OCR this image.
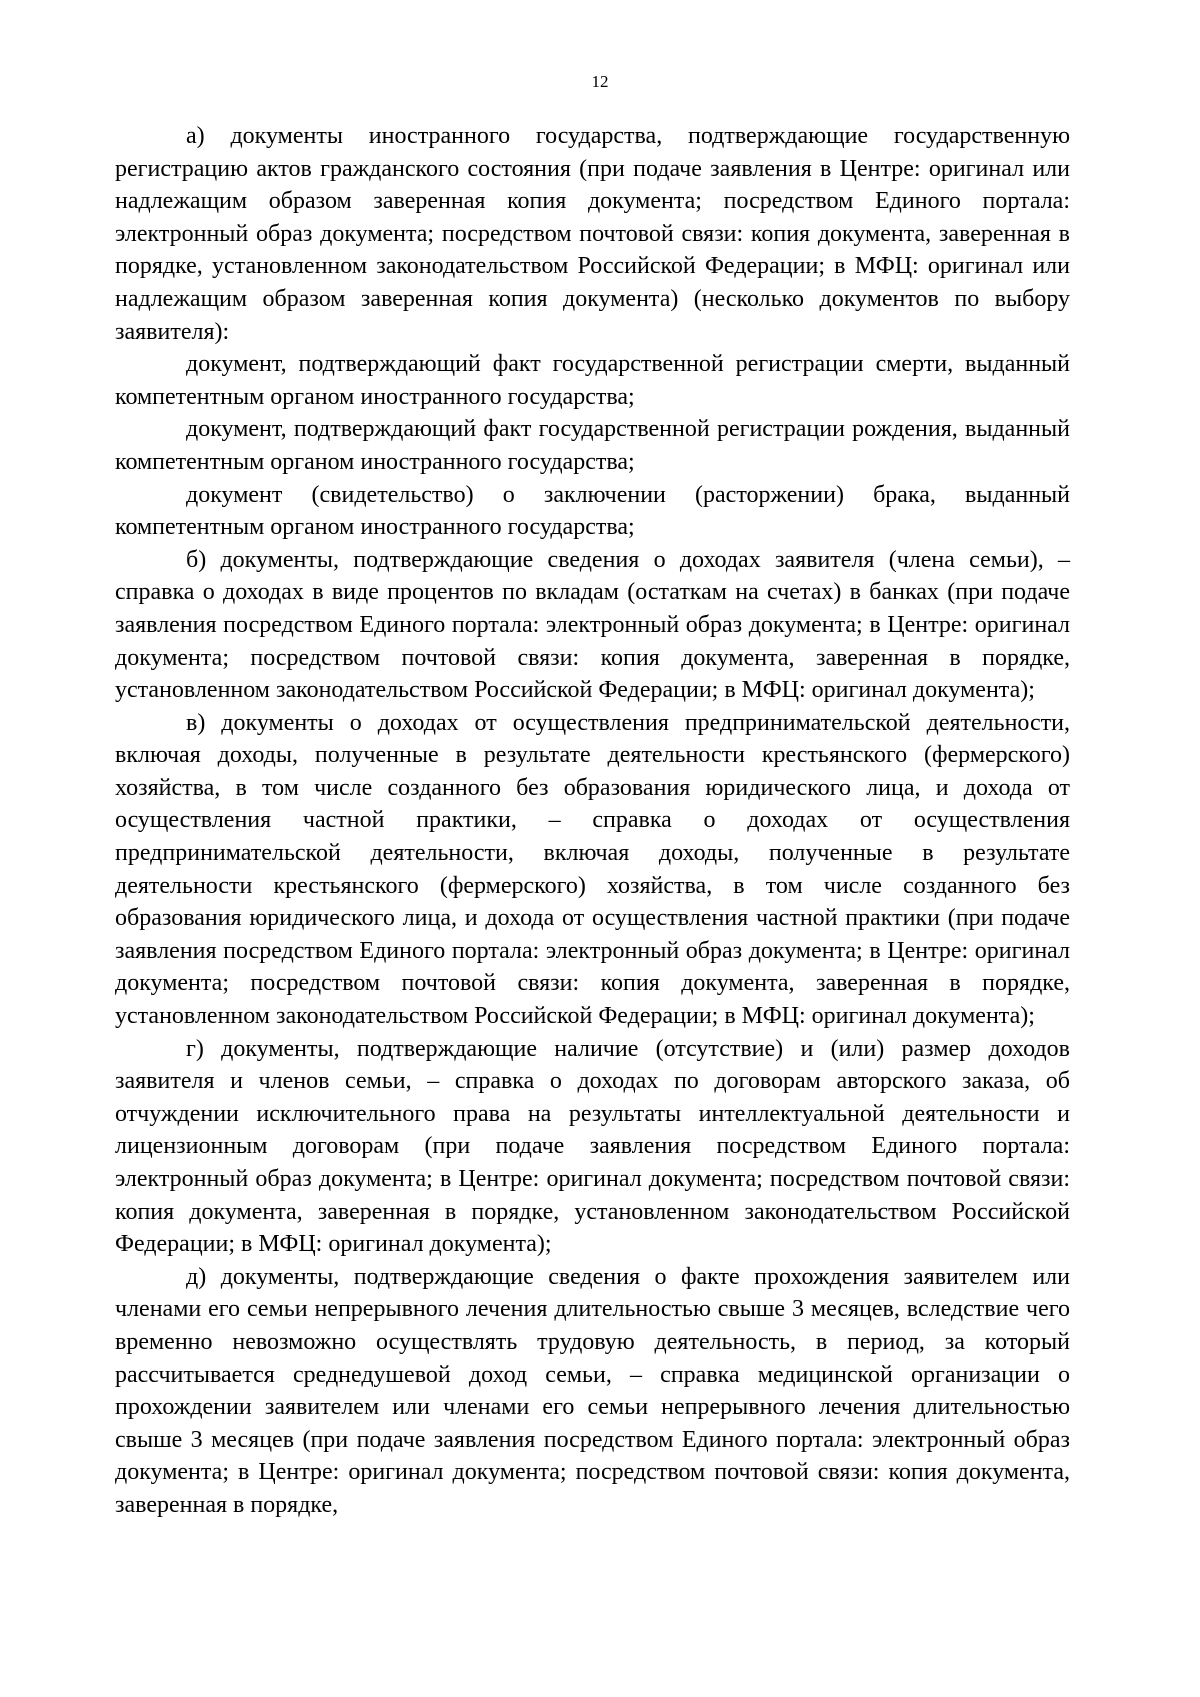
12

а) документы иностранного государства, подтверждающие государственную регистрацию актов гражданского состояния (при подаче заявления в Центре: оригинал или надлежащим образом заверенная копия документа; посредством Единого портала: электронный образ документа; посредством почтовой связи: копия документа, заверенная в порядке, установленном законодательством Российской Федерации; в МФЦ: оригинал или надлежащим образом заверенная копия документа) (несколько документов по выбору заявителя):

документ, подтверждающий факт государственной регистрации смерти, выданный компетентным органом иностранного государства;

документ, подтверждающий факт государственной регистрации рождения, выданный компетентным органом иностранного государства;

документ (свидетельство) о заключении (расторжении) брака, выданный компетентным органом иностранного государства;

б) документы, подтверждающие сведения о доходах заявителя (члена семьи), – справка о доходах в виде процентов по вкладам (остаткам на счетах) в банках (при подаче заявления посредством Единого портала: электронный образ документа; в Центре: оригинал документа; посредством почтовой связи: копия документа, заверенная в порядке, установленном законодательством Российской Федерации; в МФЦ: оригинал документа);

в) документы о доходах от осуществления предпринимательской деятельности, включая доходы, полученные в результате деятельности крестьянского (фермерского) хозяйства, в том числе созданного без образования юридического лица, и дохода от осуществления частной практики, – справка о доходах от осуществления предпринимательской деятельности, включая доходы, полученные в результате деятельности крестьянского (фермерского) хозяйства, в том числе созданного без образования юридического лица, и дохода от осуществления частной практики (при подаче заявления посредством Единого портала: электронный образ документа; в Центре: оригинал документа; посредством почтовой связи: копия документа, заверенная в порядке, установленном законодательством Российской Федерации; в МФЦ: оригинал документа);

г) документы, подтверждающие наличие (отсутствие) и (или) размер доходов заявителя и членов семьи, – справка о доходах по договорам авторского заказа, об отчуждении исключительного права на результаты интеллектуальной деятельности и лицензионным договорам (при подаче заявления посредством Единого портала: электронный образ документа; в Центре: оригинал документа; посредством почтовой связи: копия документа, заверенная в порядке, установленном законодательством Российской Федерации; в МФЦ: оригинал документа);

д) документы, подтверждающие сведения о факте прохождения заявителем или членами его семьи непрерывного лечения длительностью свыше 3 месяцев, вследствие чего временно невозможно осуществлять трудовую деятельность, в период, за который рассчитывается среднедушевой доход семьи, – справка медицинской организации о прохождении заявителем или членами его семьи непрерывного лечения длительностью свыше 3 месяцев (при подаче заявления посредством Единого портала: электронный образ документа; в Центре: оригинал документа; посредством почтовой связи: копия документа, заверенная в порядке,
